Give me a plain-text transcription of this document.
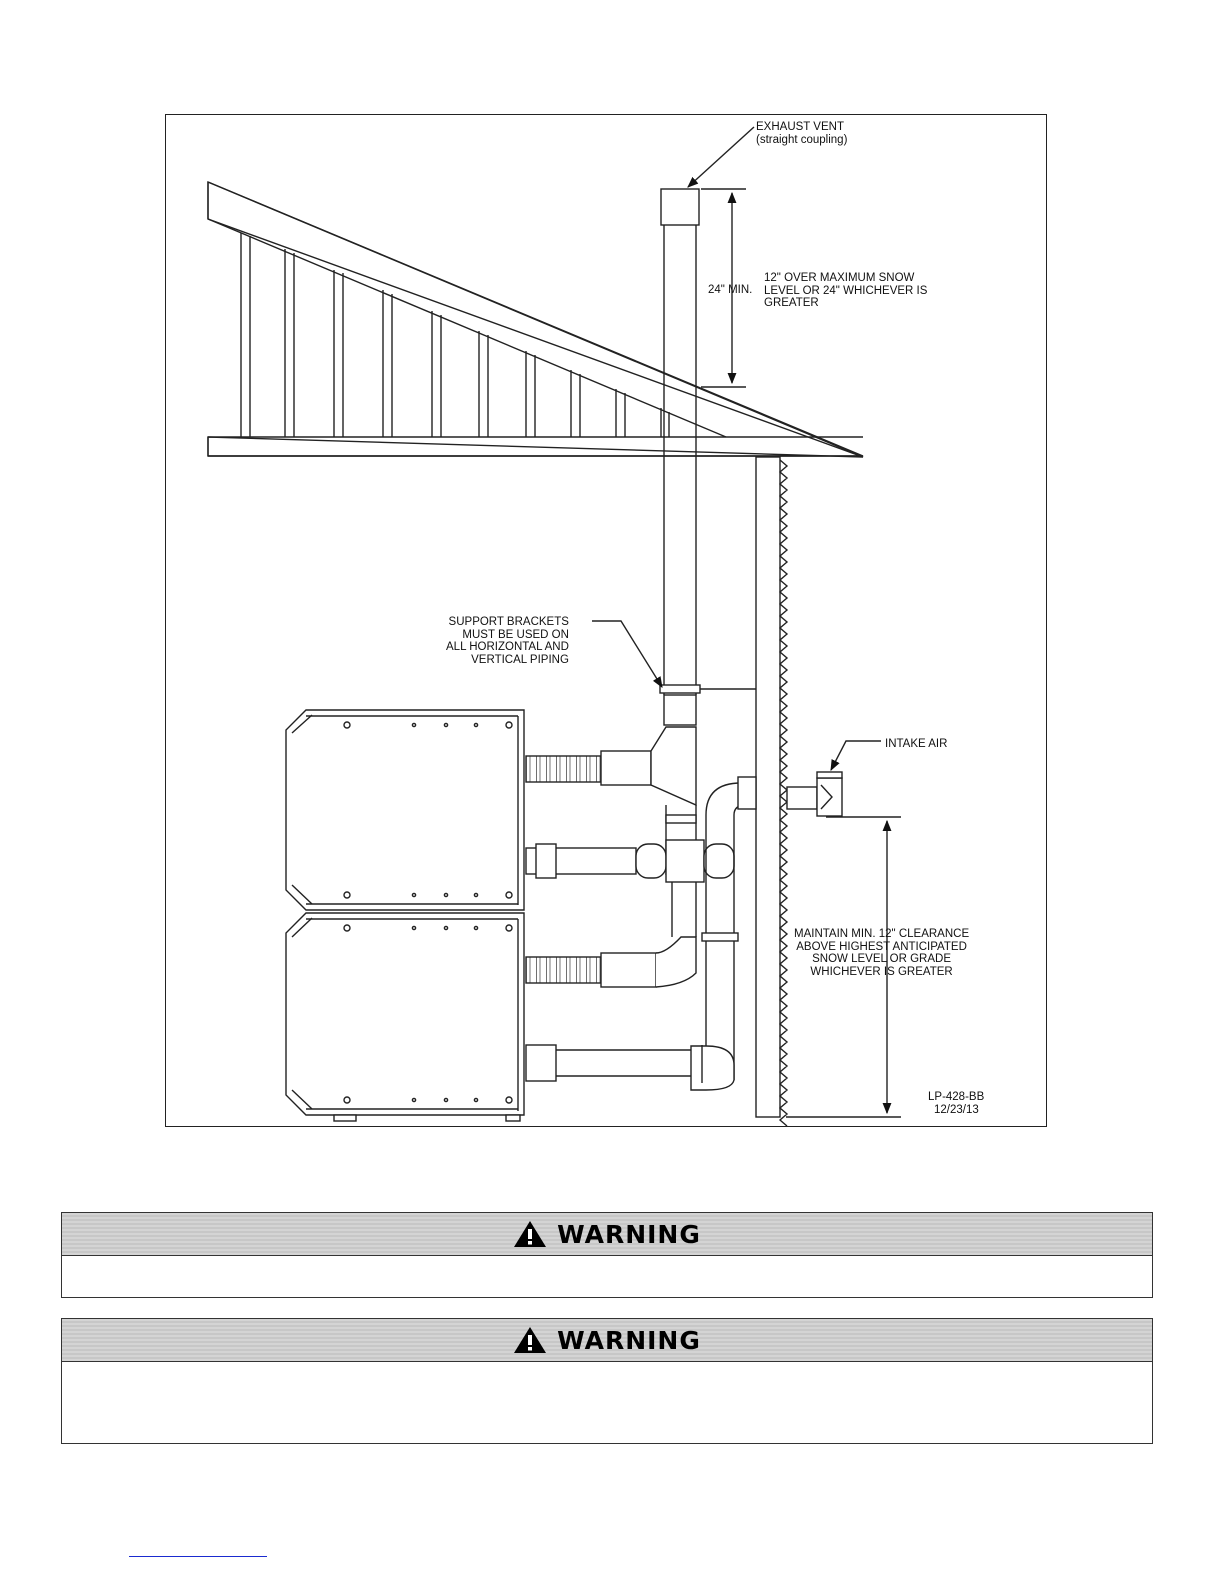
EXHAUST VENT
(straight coupling)
24" MIN.
12" OVER MAXIMUM SNOW
LEVEL OR 24" WHICHEVER IS
GREATER
SUPPORT BRACKETS
MUST BE USED ON
ALL HORIZONTAL AND
VERTICAL PIPING
INTAKE AIR
MAINTAIN MIN. 12" CLEARANCE
ABOVE HIGHEST ANTICIPATED
SNOW LEVEL OR GRADE
WHICHEVER IS GREATER
LP-428-BB
12/23/13
WARNING
WARNING
